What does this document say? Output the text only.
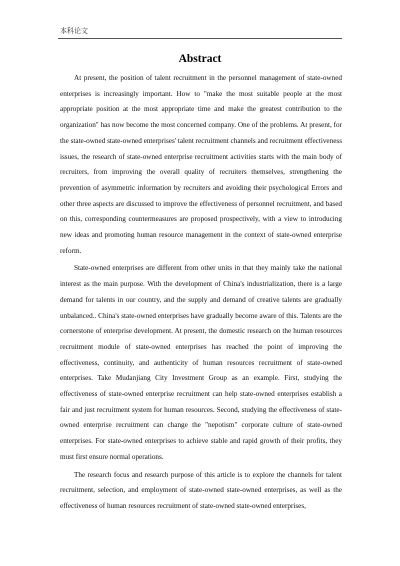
本科论文
Abstract

At present, the position of talent recruitment in the personnel management of state-owned enterprises is increasingly important. How to "make the most suitable people at the most appropriate position at the most appropriate time and make the greatest contribution to the organization" has now become the most concerned company. One of the problems. At present, for the state-owned state-owned enterprises' talent recruitment channels and recruitment effectiveness issues, the research of state-owned enterprise recruitment activities starts with the main body of recruiters, from improving the overall quality of recruiters themselves, strengthening the prevention of asymmetric information by recruiters and avoiding their psychological Errors and other three aspects are discussed to improve the effectiveness of personnel recruitment, and based on this, corresponding countermeasures are proposed prospectively, with a view to introducing new ideas and promoting human resource management in the context of state-owned enterprise reform.

State-owned enterprises are different from other units in that they mainly take the national interest as the main purpose. With the development of China's industrialization, there is a large demand for talents in our country, and the supply and demand of creative talents are gradually unbalanced.. China's state-owned enterprises have gradually become aware of this. Talents are the cornerstone of enterprise development. At present, the domestic research on the human resources recruitment module of state-owned enterprises has reached the point of improving the effectiveness, continuity, and authenticity of human resources recruitment of state-owned enterprises. Take Mudanjiang City Investment Group as an example. First, studying the effectiveness of state-owned enterprise recruitment can help state-owned enterprises establish a fair and just recruitment system for human resources. Second, studying the effectiveness of state-owned enterprise recruitment can change the "nepotism" corporate culture of state-owned enterprises. For state-owned enterprises to achieve stable and rapid growth of their profits, they must first ensure normal operations.

The research focus and research purpose of this article is to explore the channels for talent recruitment, selection, and employment of state-owned state-owned enterprises, as well as the effectiveness of human resources recruitment of state-owned state-owned enterprises,
